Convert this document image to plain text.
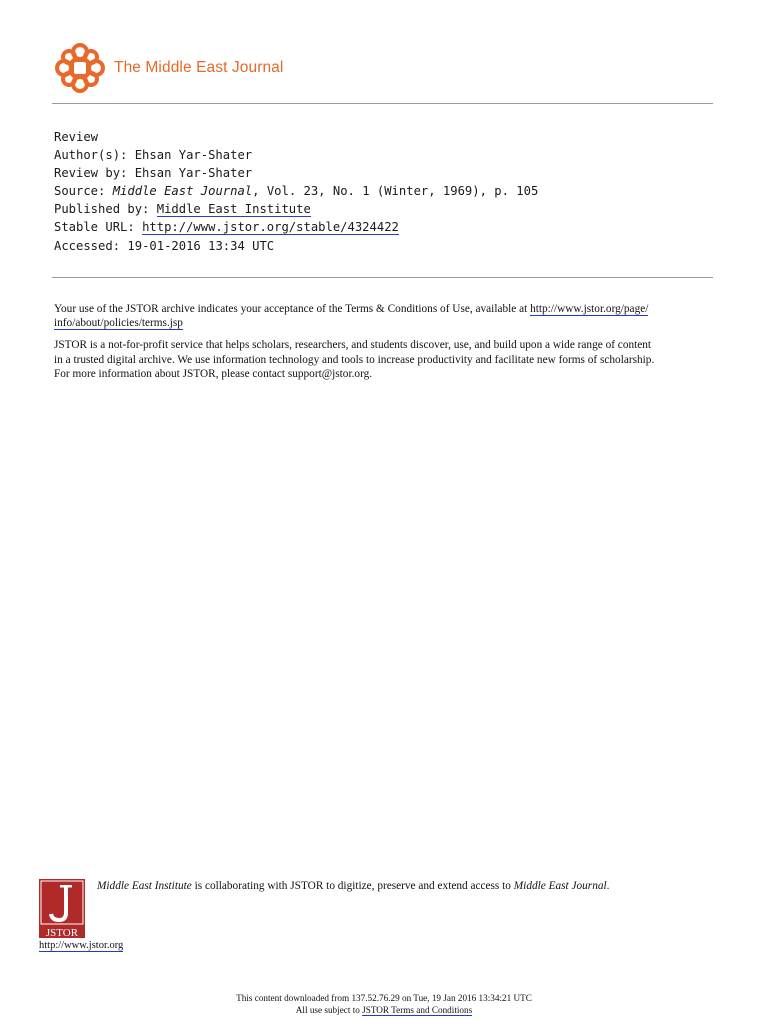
The Middle East Journal
Review
Author(s): Ehsan Yar-Shater
Review by: Ehsan Yar-Shater
Source: Middle East Journal, Vol. 23, No. 1 (Winter, 1969), p. 105
Published by: Middle East Institute
Stable URL: http://www.jstor.org/stable/4324422
Accessed: 19-01-2016 13:34 UTC

Your use of the JSTOR archive indicates your acceptance of the Terms & Conditions of Use, available at http://www.jstor.org/page/
info/about/policies/terms.jsp

JSTOR is a not-for-profit service that helps scholars, researchers, and students discover, use, and build upon a wide range of content
in a trusted digital archive. We use information technology and tools to increase productivity and facilitate new forms of scholarship.
For more information about JSTOR, please contact support@jstor.org.

JSTOR
Middle East Institute is collaborating with JSTOR to digitize, preserve and extend access to Middle East Journal.
http://www.jstor.org
This content downloaded from 137.52.76.29 on Tue, 19 Jan 2016 13:34:21 UTC
All use subject to JSTOR Terms and Conditions
